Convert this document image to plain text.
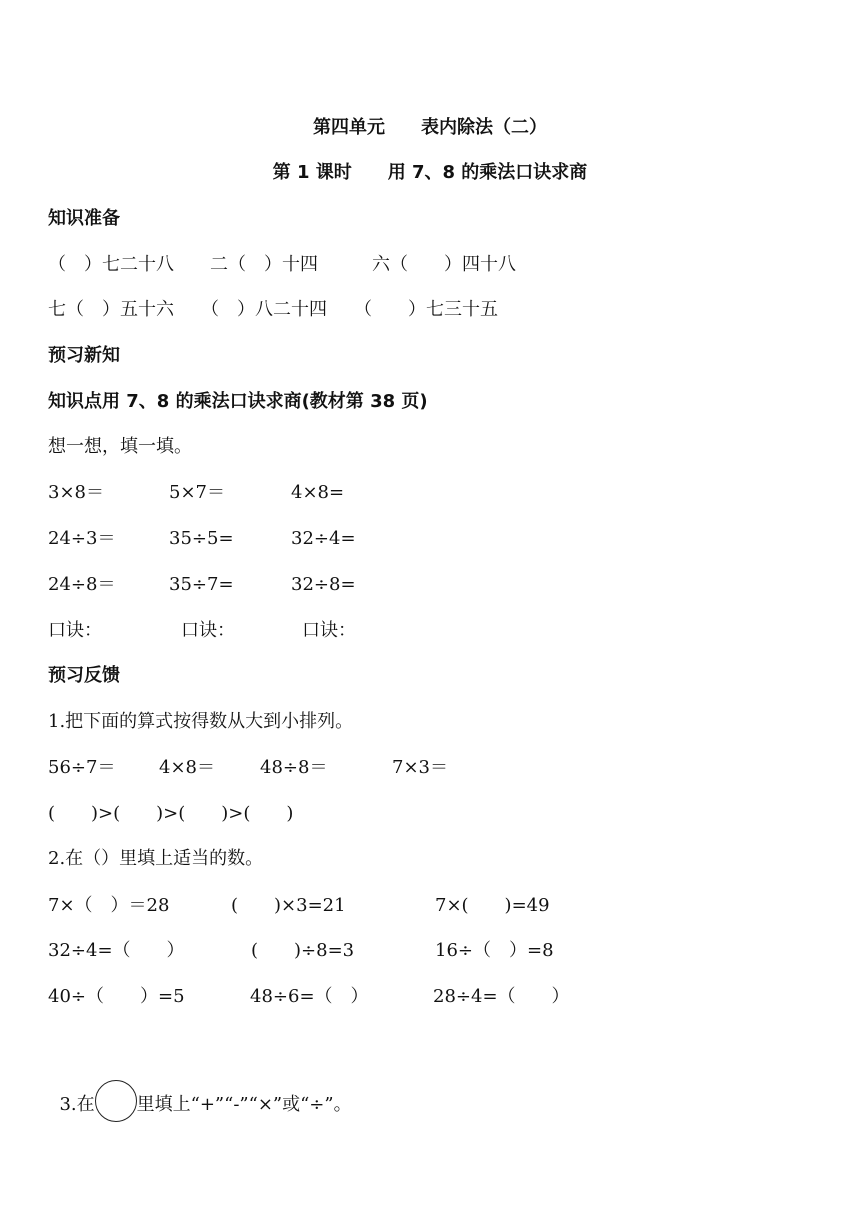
第四单元　　表内除法（二）
第 1 课时　　用 7、8 的乘法口诀求商
知识准备
（　）七二十八　　二（　）十四　　　六（　　）四十八
七（　）五十六　　（　）八二十四　　（　　）七三十五
预习新知
知识点用 7、8 的乘法口诀求商(教材第 38 页)
想一想，填一填。
3×8＝	5×7＝	4×8=
24÷3＝	35÷5=	32÷4=
24÷8＝	35÷7=	32÷8=
口诀：	口诀：	口诀：
预习反馈
1.把下面的算式按得数从大到小排列。
56÷7＝ 4×8＝	48÷8＝	7×3＝
(　　)>(　　)>(　　)>(　　)
2.在（）里填上适当的数。
7×（　）＝28	(　　)×3=21	7×(　　)=49
32÷4=（　　）	(　　)÷8=3	16÷（　）=8
40÷（　　）=5	48÷6=（　）	28÷4=（　　）

3.在 里填上“+”“-”“×”或“÷”。
